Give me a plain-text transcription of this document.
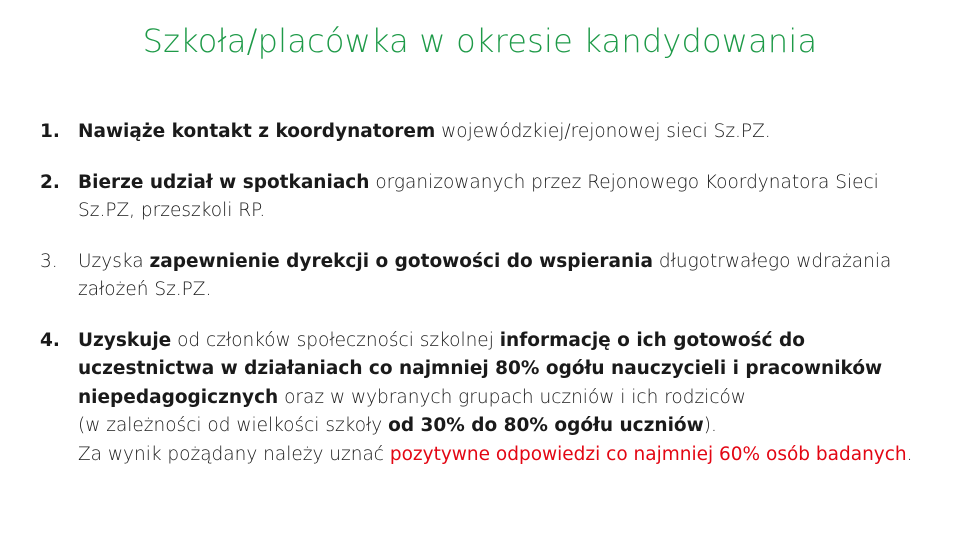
Szkoła/placówka w okresie kandydowania
1. Nawiąże kontakt z koordynatorem wojewódzkiej/rejonowej sieci Sz.PZ.
2. Bierze udział w spotkaniach organizowanych przez Rejonowego Koordynatora Sieci Sz.PZ, przeszkoli RP.
3. Uzyska zapewnienie dyrekcji o gotowości do wspierania długotrwałego wdrażania założeń Sz.PZ.
4. Uzyskuje od członków społeczności szkolnej informację o ich gotowość do uczestnictwa w działaniach co najmniej 80% ogółu nauczycieli i pracowników niepedagogicznych oraz w wybranych grupach uczniów i ich rodziców
(w zależności od wielkości szkoły od 30% do 80% ogółu uczniów).
Za wynik pożądany należy uznać pozytywne odpowiedzi co najmniej 60% osób badanych.
